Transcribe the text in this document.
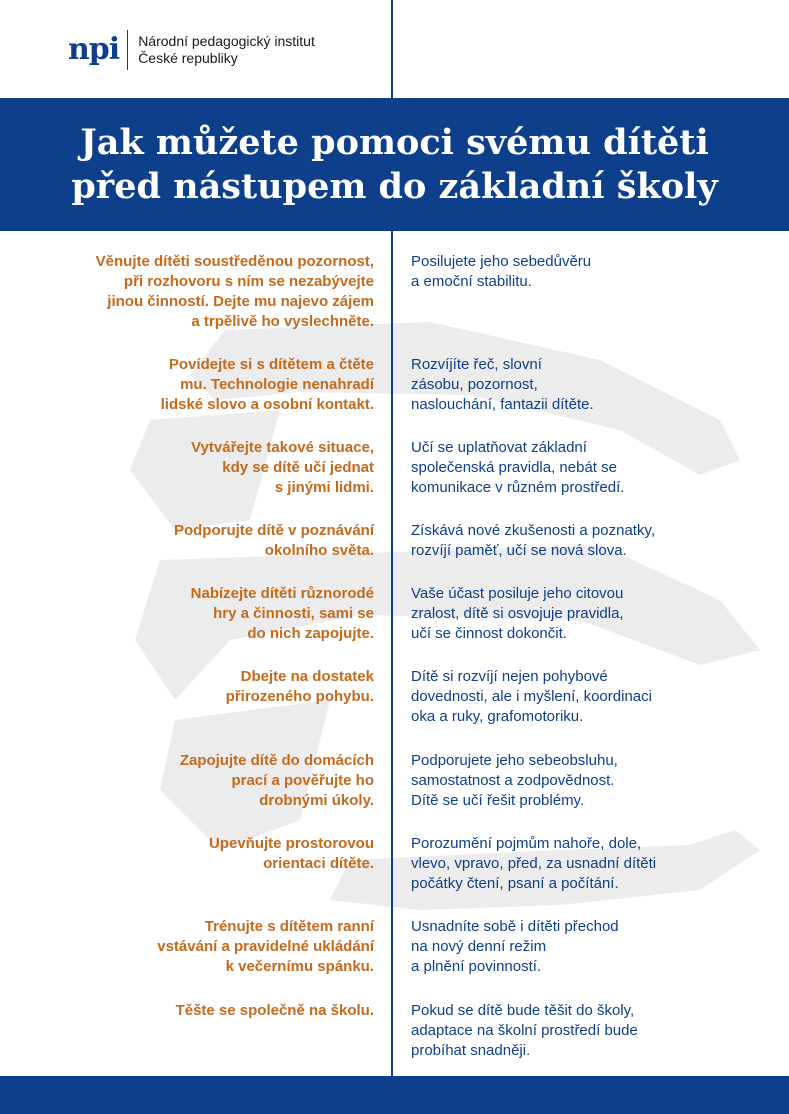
npi Národní pedagogický institut
České republiky
Jak můžete pomoci svému dítěti
před nástupem do základní školy
Věnujte dítěti soustředěnou pozornost,
při rozhovoru s ním se nezabývejte
jinou činností. Dejte mu najevo zájem
a trpělivě ho vyslechněte.
Posilujete jeho sebedůvěru
a emoční stabilitu.
Povídejte si s dítětem a čtěte
mu. Technologie nenahradí
lidské slovo a osobní kontakt.
Rozvíjíte řeč, slovní
zásobu, pozornost,
naslouchání, fantazii dítěte.
Vytvářejte takové situace,
kdy se dítě učí jednat
s jinými lidmi.
Učí se uplatňovat základní
společenská pravidla, nebát se
komunikace v různém prostředí.
Podporujte dítě v poznávání
okolního světa.
Získává nové zkušenosti a poznatky,
rozvíjí paměť, učí se nová slova.
Nabízejte dítěti různorodé
hry a činnosti, sami se
do nich zapojujte.
Vaše účast posiluje jeho citovou
zralost, dítě si osvojuje pravidla,
učí se činnost dokončit.
Dbejte na dostatek
přirozeného pohybu.
Dítě si rozvíjí nejen pohybové
dovednosti, ale i myšlení, koordinaci
oka a ruky, grafomotoriku.
Zapojujte dítě do domácích
prací a pověřujte ho
drobnými úkoly.
Podporujete jeho sebeobsluhu,
samostatnost a zodpovědnost.
Dítě se učí řešit problémy.
Upevňujte prostorovou
orientaci dítěte.
Porozumění pojmům nahoře, dole,
vlevo, vpravo, před, za usnadní dítěti
počátky čtení, psaní a počítání.
Trénujte s dítětem ranní
vstávání a pravidelné ukládání
k večernímu spánku.
Usnadníte sobě i dítěti přechod
na nový denní režim
a plnění povinností.
Těšte se společně na školu. Pokud se dítě bude těšit do školy,
adaptace na školní prostředí bude
probíhat snadněji.
